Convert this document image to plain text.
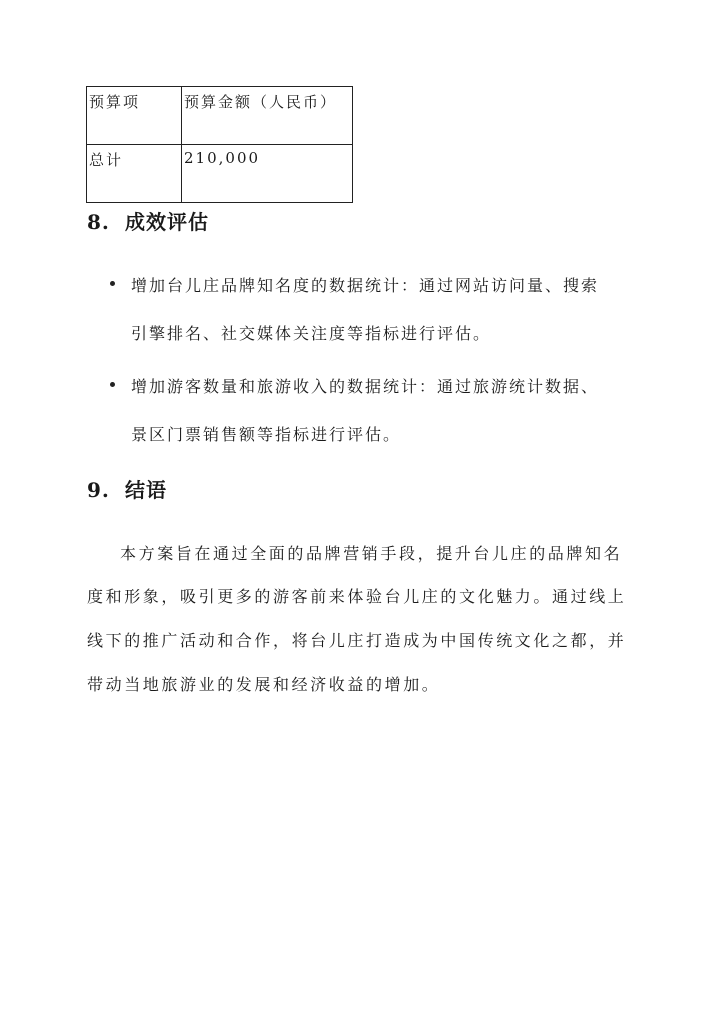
预算项	预算金额（人民币）
总计	210,000
8. 成效评估
增加台儿庄品牌知名度的数据统计：通过网站访问量、搜索
引擎排名、社交媒体关注度等指标进行评估。
增加游客数量和旅游收入的数据统计：通过旅游统计数据、
景区门票销售额等指标进行评估。
9. 结语
本方案旨在通过全面的品牌营销手段，提升台儿庄的品牌知名
度和形象，吸引更多的游客前来体验台儿庄的文化魅力。通过线上
线下的推广活动和合作，将台儿庄打造成为中国传统文化之都，并
带动当地旅游业的发展和经济收益的增加。
